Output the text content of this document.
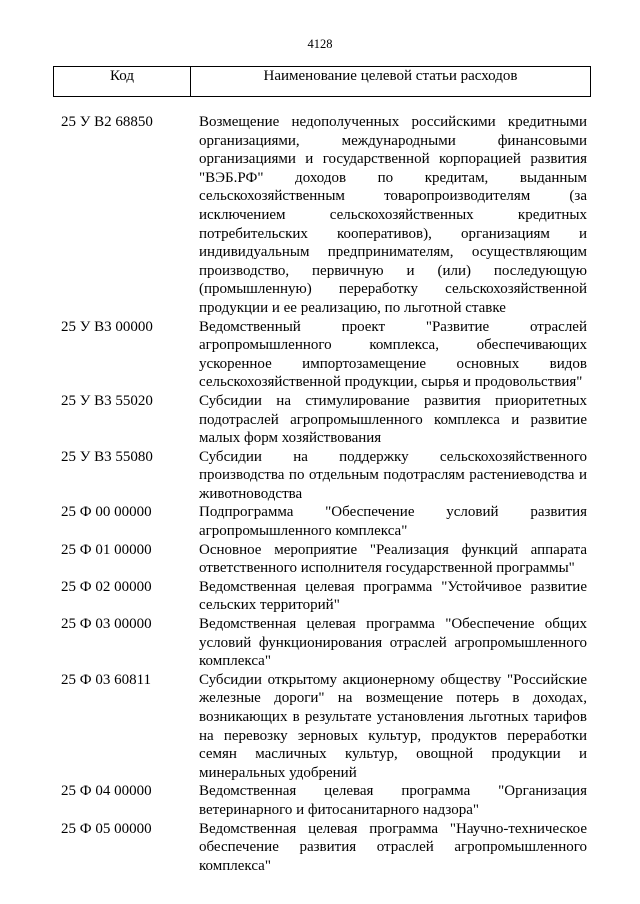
4128
Код	Наименование целевой статьи расходов
25 У В2 68850	Возмещение недополученных российскими кредитными организациями, международными финансовыми организациями и государственной корпорацией развития "ВЭБ.РФ" доходов по кредитам, выданным сельскохозяйственным товаропроизводителям (за исключением сельскохозяйственных кредитных потребительских кооперативов), организациям и индивидуальным предпринимателям, осуществляющим производство, первичную и (или) последующую (промышленную) переработку сельскохозяйственной продукции и ее реализацию, по льготной ставке
25 У В3 00000	Ведомственный проект "Развитие отраслей агропромышленного комплекса, обеспечивающих ускоренное импортозамещение основных видов сельскохозяйственной продукции, сырья и продовольствия"
25 У В3 55020	Субсидии на стимулирование развития приоритетных подотраслей агропромышленного комплекса и развитие малых форм хозяйствования
25 У В3 55080	Субсидии на поддержку сельскохозяйственного производства по отдельным подотраслям растениеводства и животноводства
25 Ф 00 00000	Подпрограмма "Обеспечение условий развития агропромышленного комплекса"
25 Ф 01 00000	Основное мероприятие "Реализация функций аппарата ответственного исполнителя государственной программы"
25 Ф 02 00000	Ведомственная целевая программа "Устойчивое развитие сельских территорий"
25 Ф 03 00000	Ведомственная целевая программа "Обеспечение общих условий функционирования отраслей агропромышленного комплекса"
25 Ф 03 60811	Субсидии открытому акционерному обществу "Российские железные дороги" на возмещение потерь в доходах, возникающих в результате установления льготных тарифов на перевозку зерновых культур, продуктов переработки семян масличных культур, овощной продукции и минеральных удобрений
25 Ф 04 00000	Ведомственная целевая программа "Организация ветеринарного и фитосанитарного надзора"
25 Ф 05 00000	Ведомственная целевая программа "Научно-техническое обеспечение развития отраслей агропромышленного комплекса"
